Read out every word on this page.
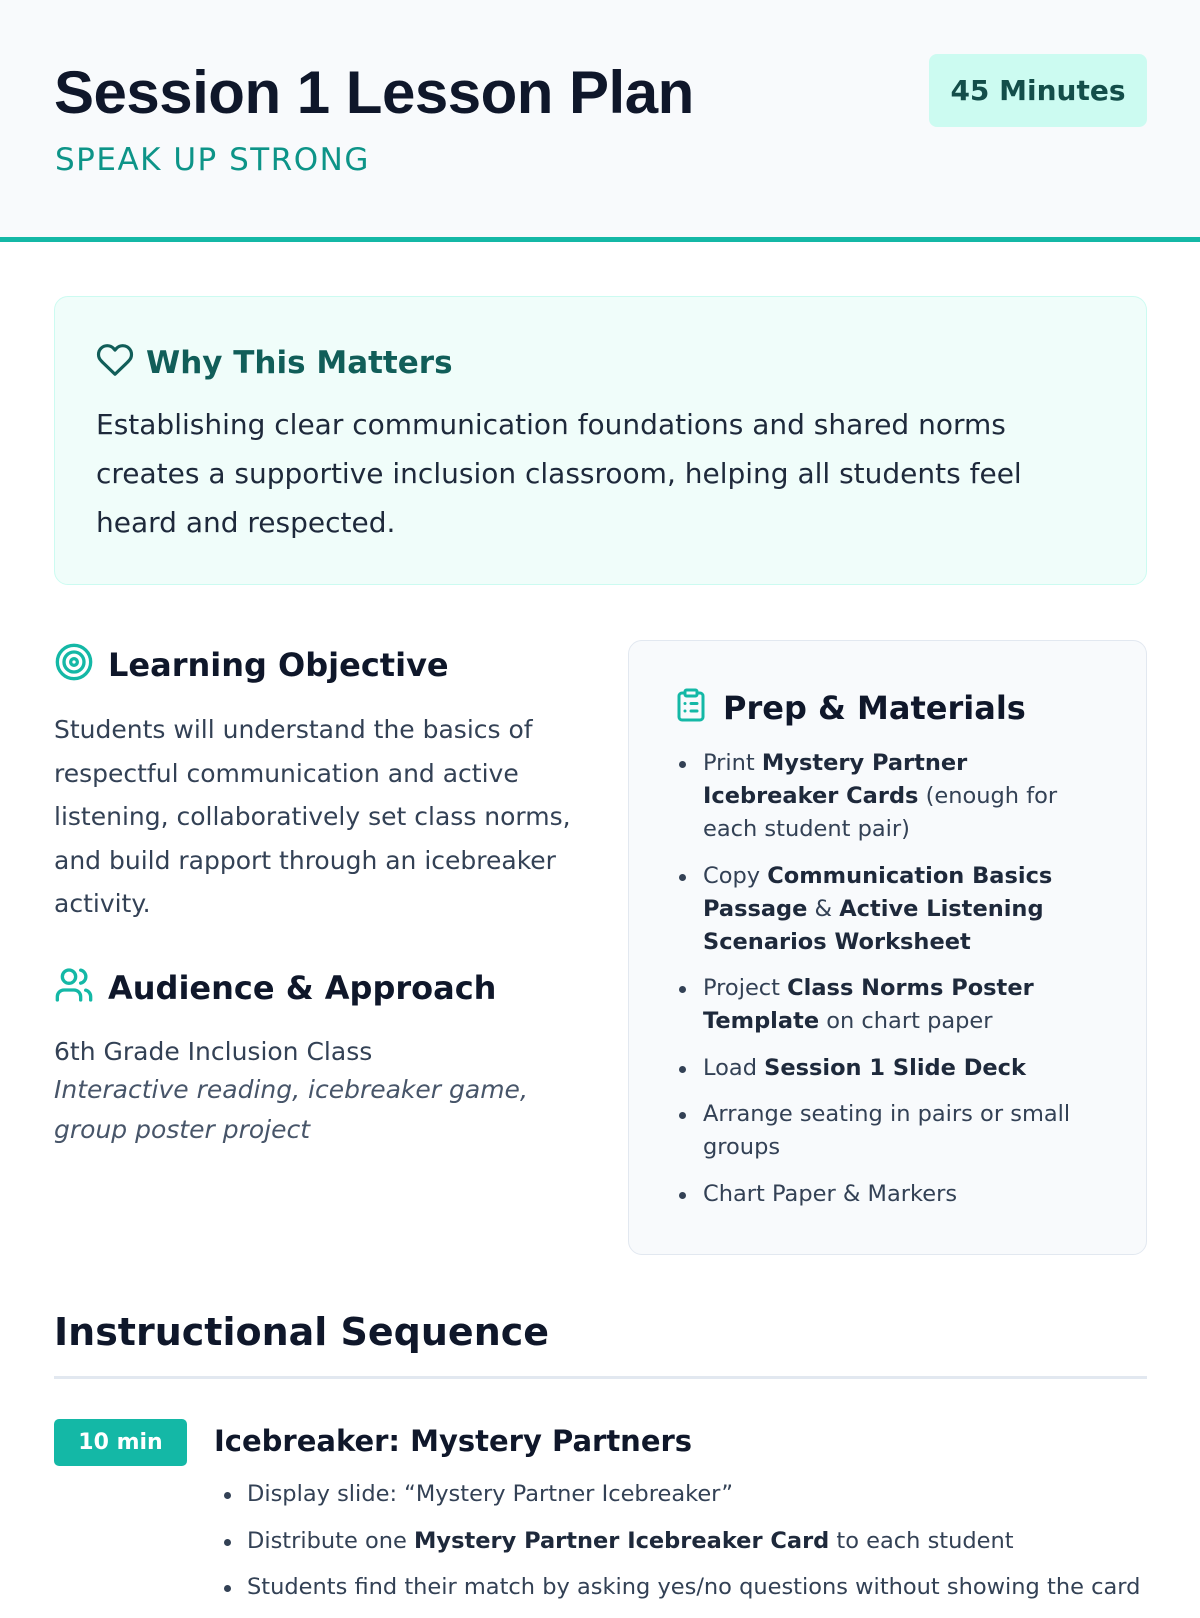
Session 1 Lesson Plan
SPEAK UP STRONG
45 Minutes
Why This Matters

Establishing clear communication foundations and shared norms creates a supportive inclusion classroom, helping all students feel heard and respected.

Learning Objective

Students will understand the basics of respectful communication and active listening, collaboratively set class norms, and build rapport through an icebreaker activity.

Audience & Approach

6th Grade Inclusion Class

Interactive reading, icebreaker game, group poster project

Prep & Materials
Print Mystery Partner Icebreaker Cards (enough for each student pair)
Copy Communication Basics Passage & Active Listening Scenarios Worksheet
Project Class Norms Poster Template on chart paper
Load Session 1 Slide Deck
Arrange seating in pairs or small groups
Chart Paper & Markers
Instructional Sequence
10 min	Icebreaker: Mystery Partners
Display slide: “Mystery Partner Icebreaker”
Distribute one Mystery Partner Icebreaker Card to each student
Students find their match by asking yes/no questions without showing the card
